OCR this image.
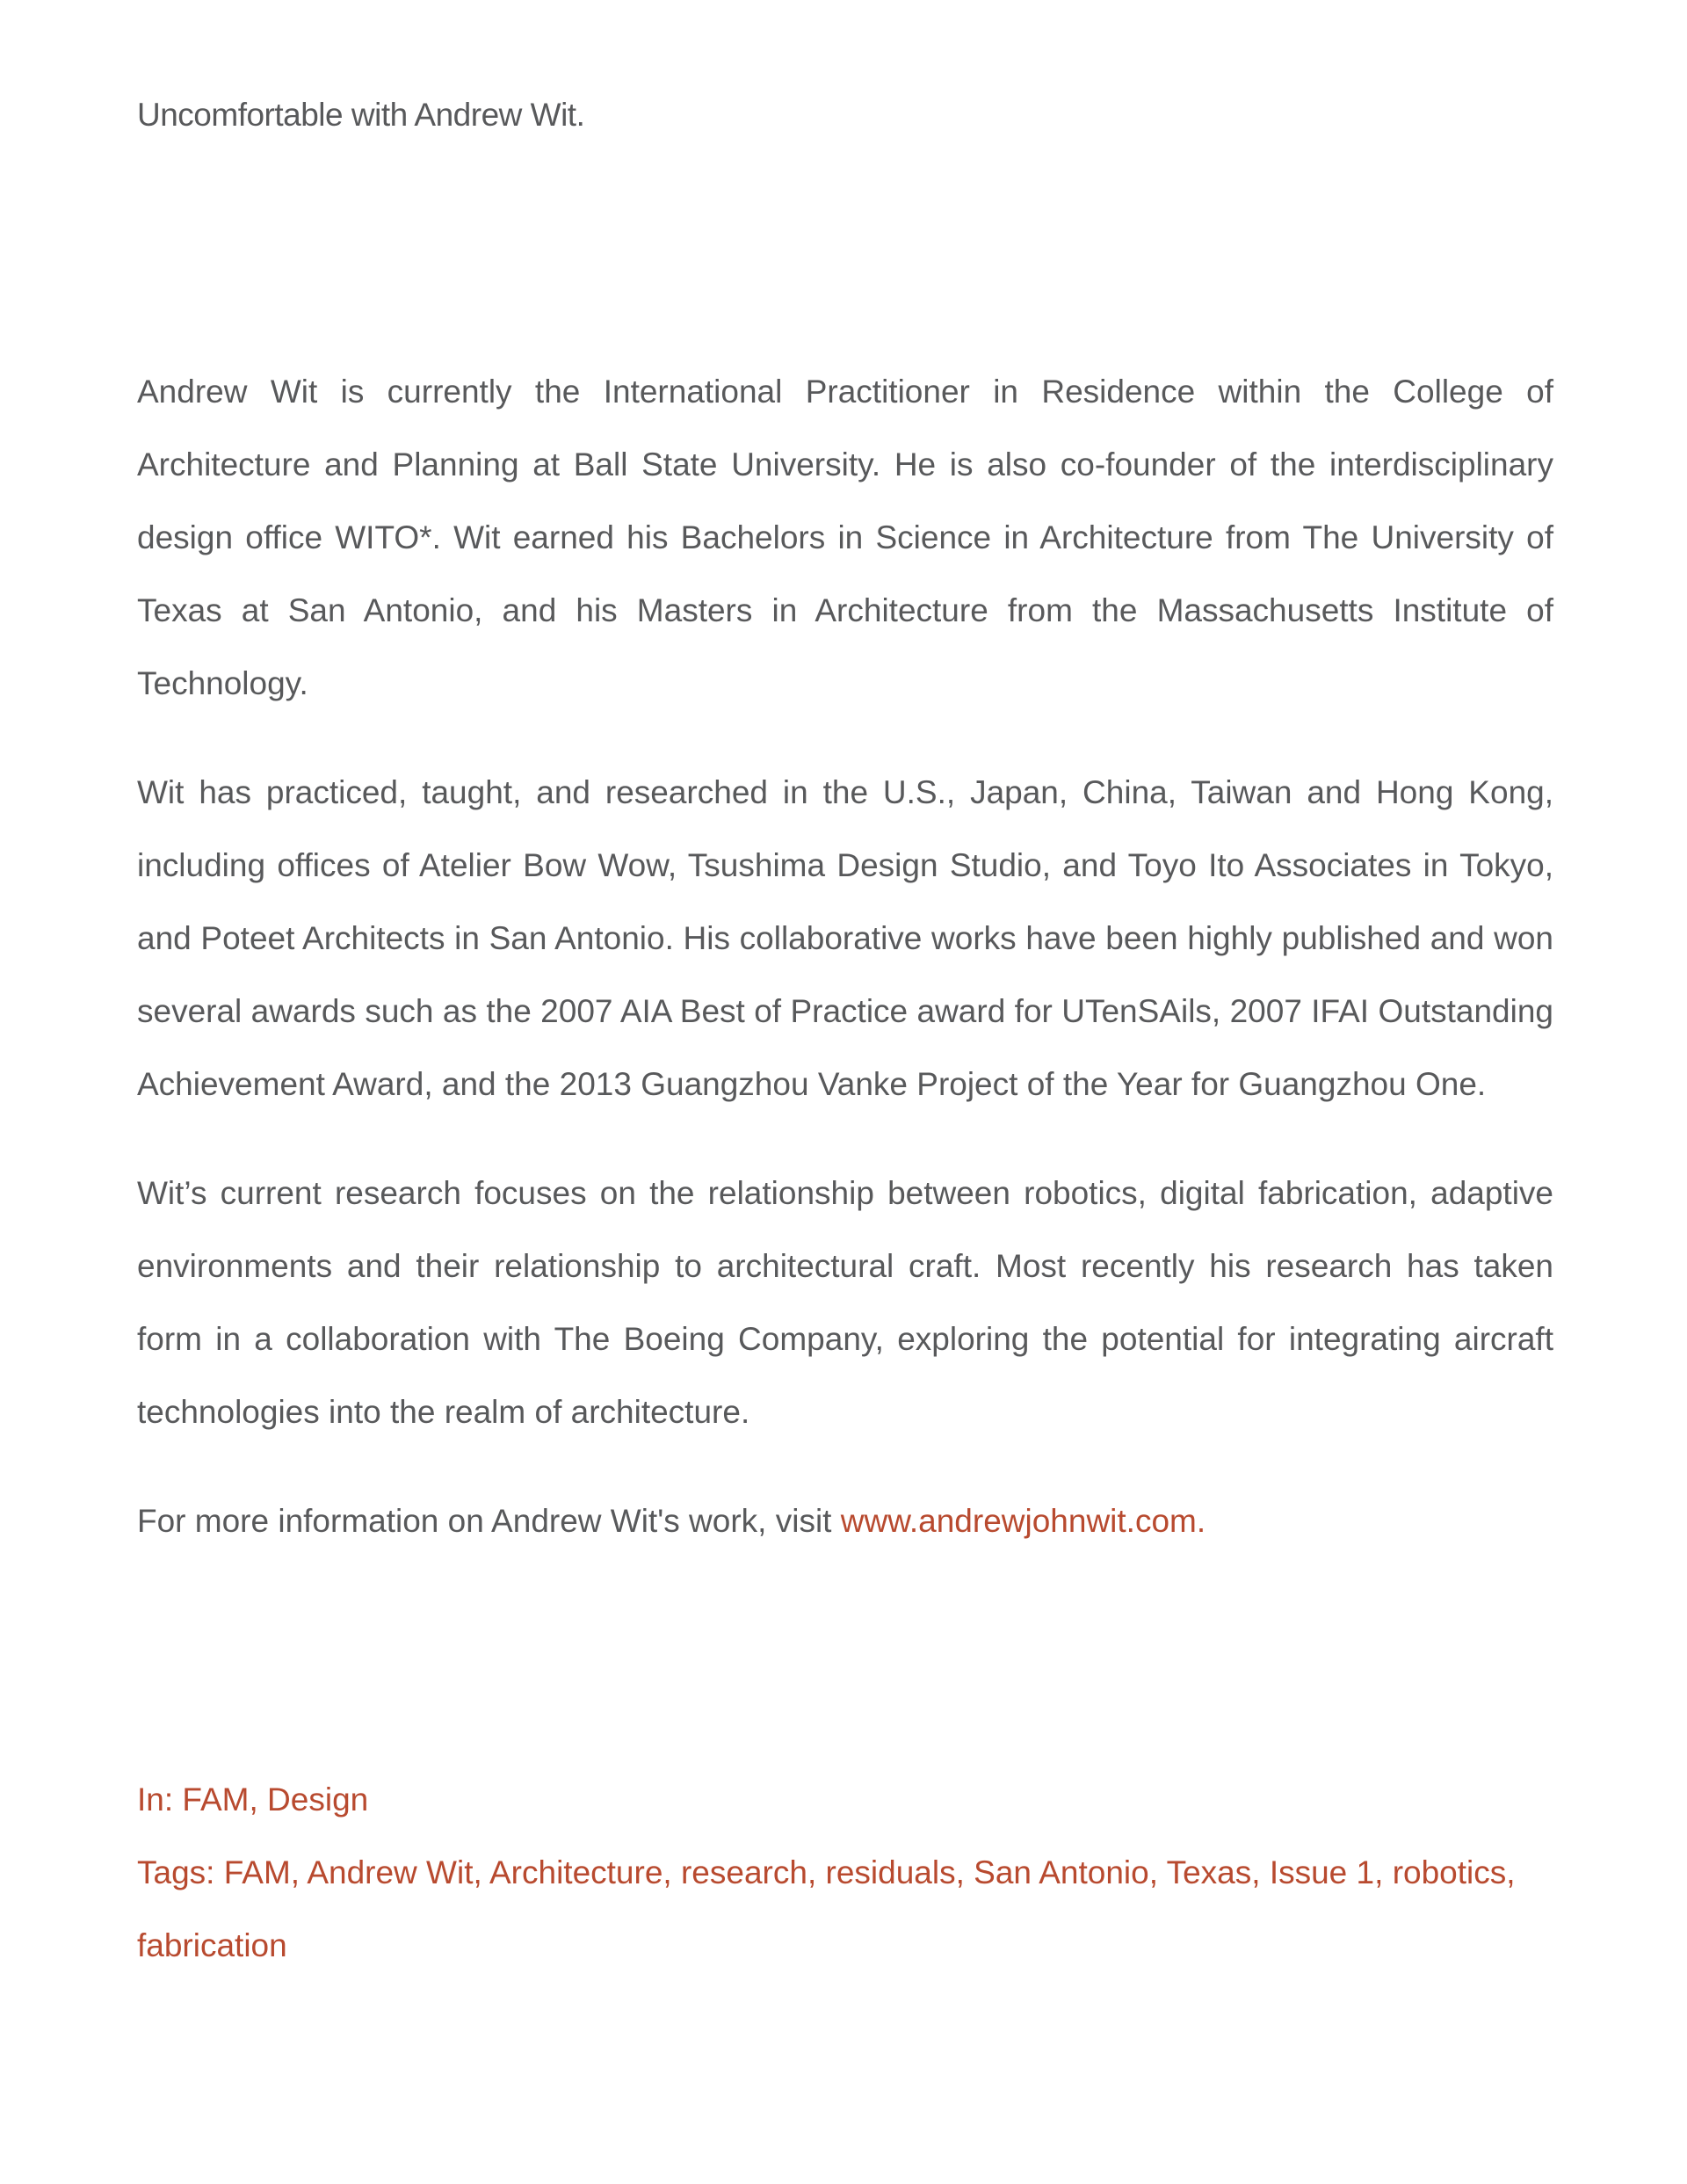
Uncomfortable with Andrew Wit.

Andrew Wit is currently the International Practitioner in Residence within the College of Architecture and Planning at Ball State University. He is also co-founder of the interdisciplinary design office WITO*. Wit earned his Bachelors in Science in Architecture from The University of Texas at San Antonio, and his Masters in Architecture from the Massachusetts Institute of Technology.

Wit has practiced, taught, and researched in the U.S., Japan, China, Taiwan and Hong Kong, including offices of Atelier Bow Wow, Tsushima Design Studio, and Toyo Ito Associates in Tokyo, and Poteet Architects in San Antonio. His collaborative works have been highly published and won several awards such as the 2007 AIA Best of Practice award for UTenSAils, 2007 IFAI Outstanding Achievement Award, and the 2013 Guangzhou Vanke Project of the Year for Guangzhou One.

Wit’s current research focuses on the relationship between robotics, digital fabrication, adaptive environments and their relationship to architectural craft. Most recently his research has taken form in a collaboration with The Boeing Company, exploring the potential for integrating aircraft technologies into the realm of architecture.

For more information on Andrew Wit's work, visit www.andrewjohnwit.com.

In: FAM, Design

Tags: FAM, Andrew Wit, Architecture, research, residuals, San Antonio, Texas, Issue 1, robotics, fabrication
